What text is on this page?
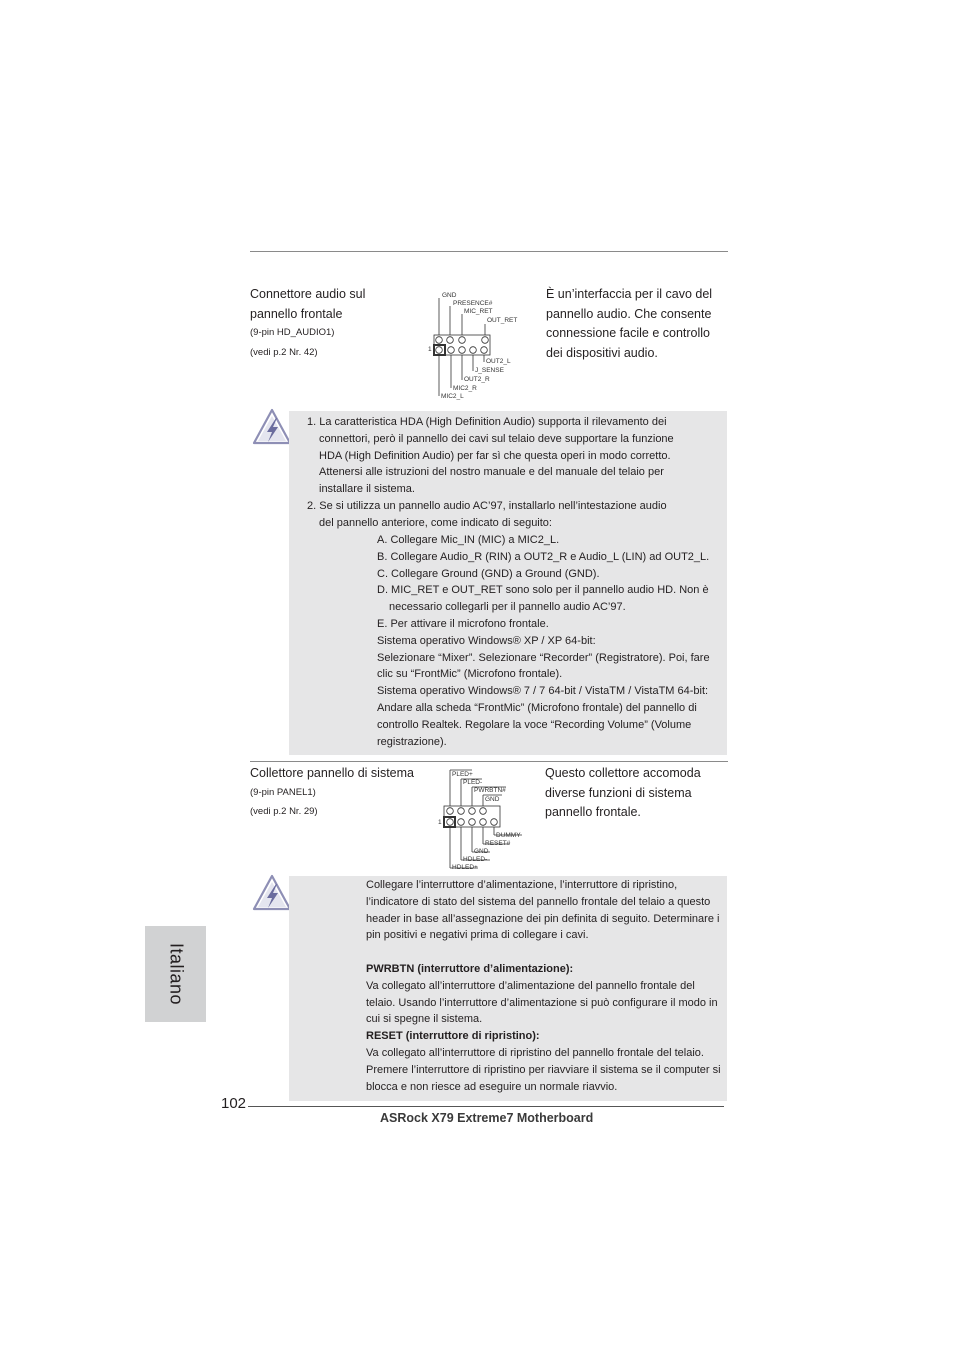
Connettore audio sul
pannello frontale
(9-pin HD_AUDIO1)
(vedi p.2 Nr. 42)
GND
PRESENCE#
MIC_RET
OUT_RET
1
OUT2_L
J_SENSE
OUT2_R
MIC2_R
MIC2_L
È un’interfaccia per il cavo del
pannello audio. Che consente
connessione facile e controllo
dei dispositivi audio.

1. La caratteristica HDA (High Definition Audio) supporta il rilevamento dei

connettori, però il pannello dei cavi sul telaio deve supportare la funzione

HDA (High Definition Audio) per far sì che questa operi in modo corretto.

Attenersi alle istruzioni del nostro manuale e del manuale del telaio per

installare il sistema.

2. Se si utilizza un pannello audio AC’97, installarlo nell’intestazione audio

del pannello anteriore, come indicato di seguito:

A. Collegare Mic_IN (MIC) a MIC2_L.

B. Collegare Audio_R (RIN) a OUT2_R e Audio_L (LIN) ad OUT2_L.

C. Collegare Ground (GND) a Ground (GND).

D. MIC_RET e OUT_RET sono solo per il pannello audio HD. Non è

necessario collegarli per il pannello audio AC’97.

E. Per attivare il microfono frontale.

Sistema operativo Windows® XP / XP 64-bit:

Selezionare “Mixer”. Selezionare “Recorder” (Registratore). Poi, fare

clic su “FrontMic” (Microfono frontale).

Sistema operativo Windows® 7 / 7 64-bit / VistaTM / VistaTM 64-bit:

Andare alla scheda “FrontMic” (Microfono frontale) del pannello di

controllo Realtek. Regolare la voce “Recording Volume” (Volume

registrazione).

Collettore pannello di sistema
(9-pin PANEL1)
(vedi p.2 Nr. 29)
PLED+
PLED-
PWRBTN#
GND
1
DUMMY
RESET#
GND
HDLED-
HDLED+
Questo collettore accomoda
diverse funzioni di sistema
pannello frontale.

Collegare l’interruttore d’alimentazione, l’interruttore di ripristino,

l’indicatore di stato del sistema del pannello frontale del telaio a questo

header in base all’assegnazione dei pin definita di seguito. Determinare i

pin positivi e negativi prima di collegare i cavi.

PWRBTN (interruttore d’alimentazione):

Va collegato all’interruttore d’alimentazione del pannello frontale del

telaio. Usando l’interruttore d’alimentazione si può configurare il modo in

cui si spegne il sistema.

RESET (interruttore di ripristino):

Va collegato all’interruttore di ripristino del pannello frontale del telaio.

Premere l’interruttore di ripristino per riavviare il sistema se il computer si

blocca e non riesce ad eseguire un normale riavvio.

Italiano
102
ASRock X79 Extreme7 Motherboard
